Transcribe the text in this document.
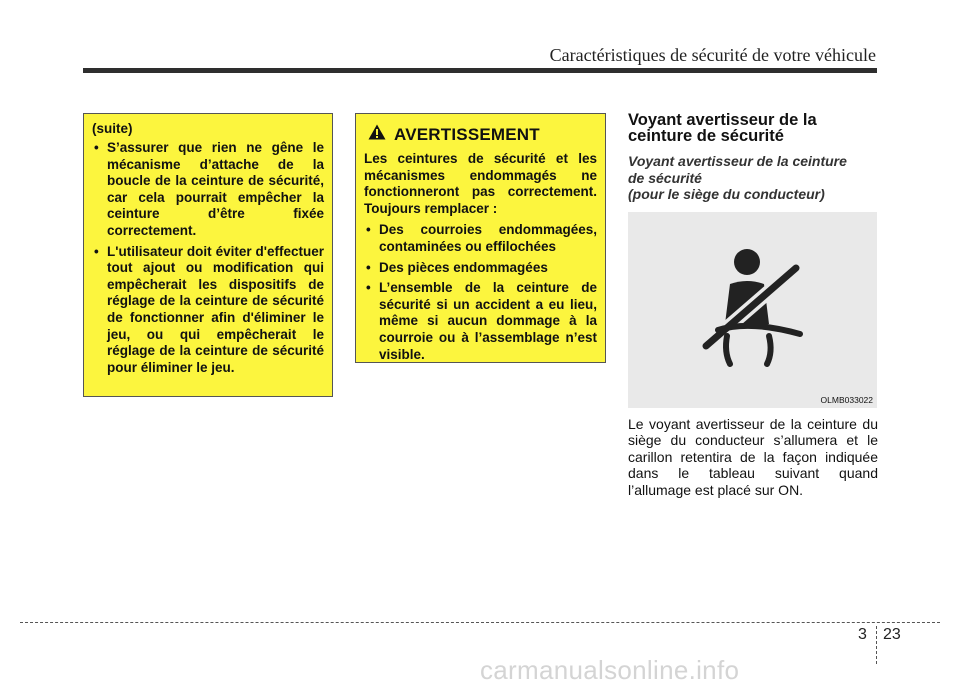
Caractéristiques de sécurité de votre véhicule
(suite)
• S’assurer que rien ne gêne le mécanisme d’attache de la boucle de la ceinture de sécurité, car cela pourrait empêcher la ceinture d’être fixée correctement.
• L'utilisateur doit éviter d'effectuer tout ajout ou modification qui empêcherait les dispositifs de réglage de la ceinture de sécurité de fonctionner afin d'éliminer le jeu, ou qui empêcherait le réglage de la ceinture de sécurité pour éliminer le jeu.
AVERTISSEMENT
Les ceintures de sécurité et les mécanismes endommagés ne fonctionneront pas correctement. Toujours remplacer :
• Des courroies endommagées, contaminées ou effilochées
• Des pièces endommagées
• L’ensemble de la ceinture de sécurité si un accident a eu lieu, même si aucun dommage à la courroie ou à l’assemblage n’est visible.
Voyant avertisseur de la ceinture de sécurité
Voyant avertisseur de la ceinture
de sécurité
(pour le siège du conducteur)
OLMB033022
Le voyant avertisseur de la ceinture du siège du conducteur s’allumera et le carillon retentira de la façon indiquée dans le tableau suivant quand l’allumage est placé sur ON.
3 23
carmanualsonline.info
